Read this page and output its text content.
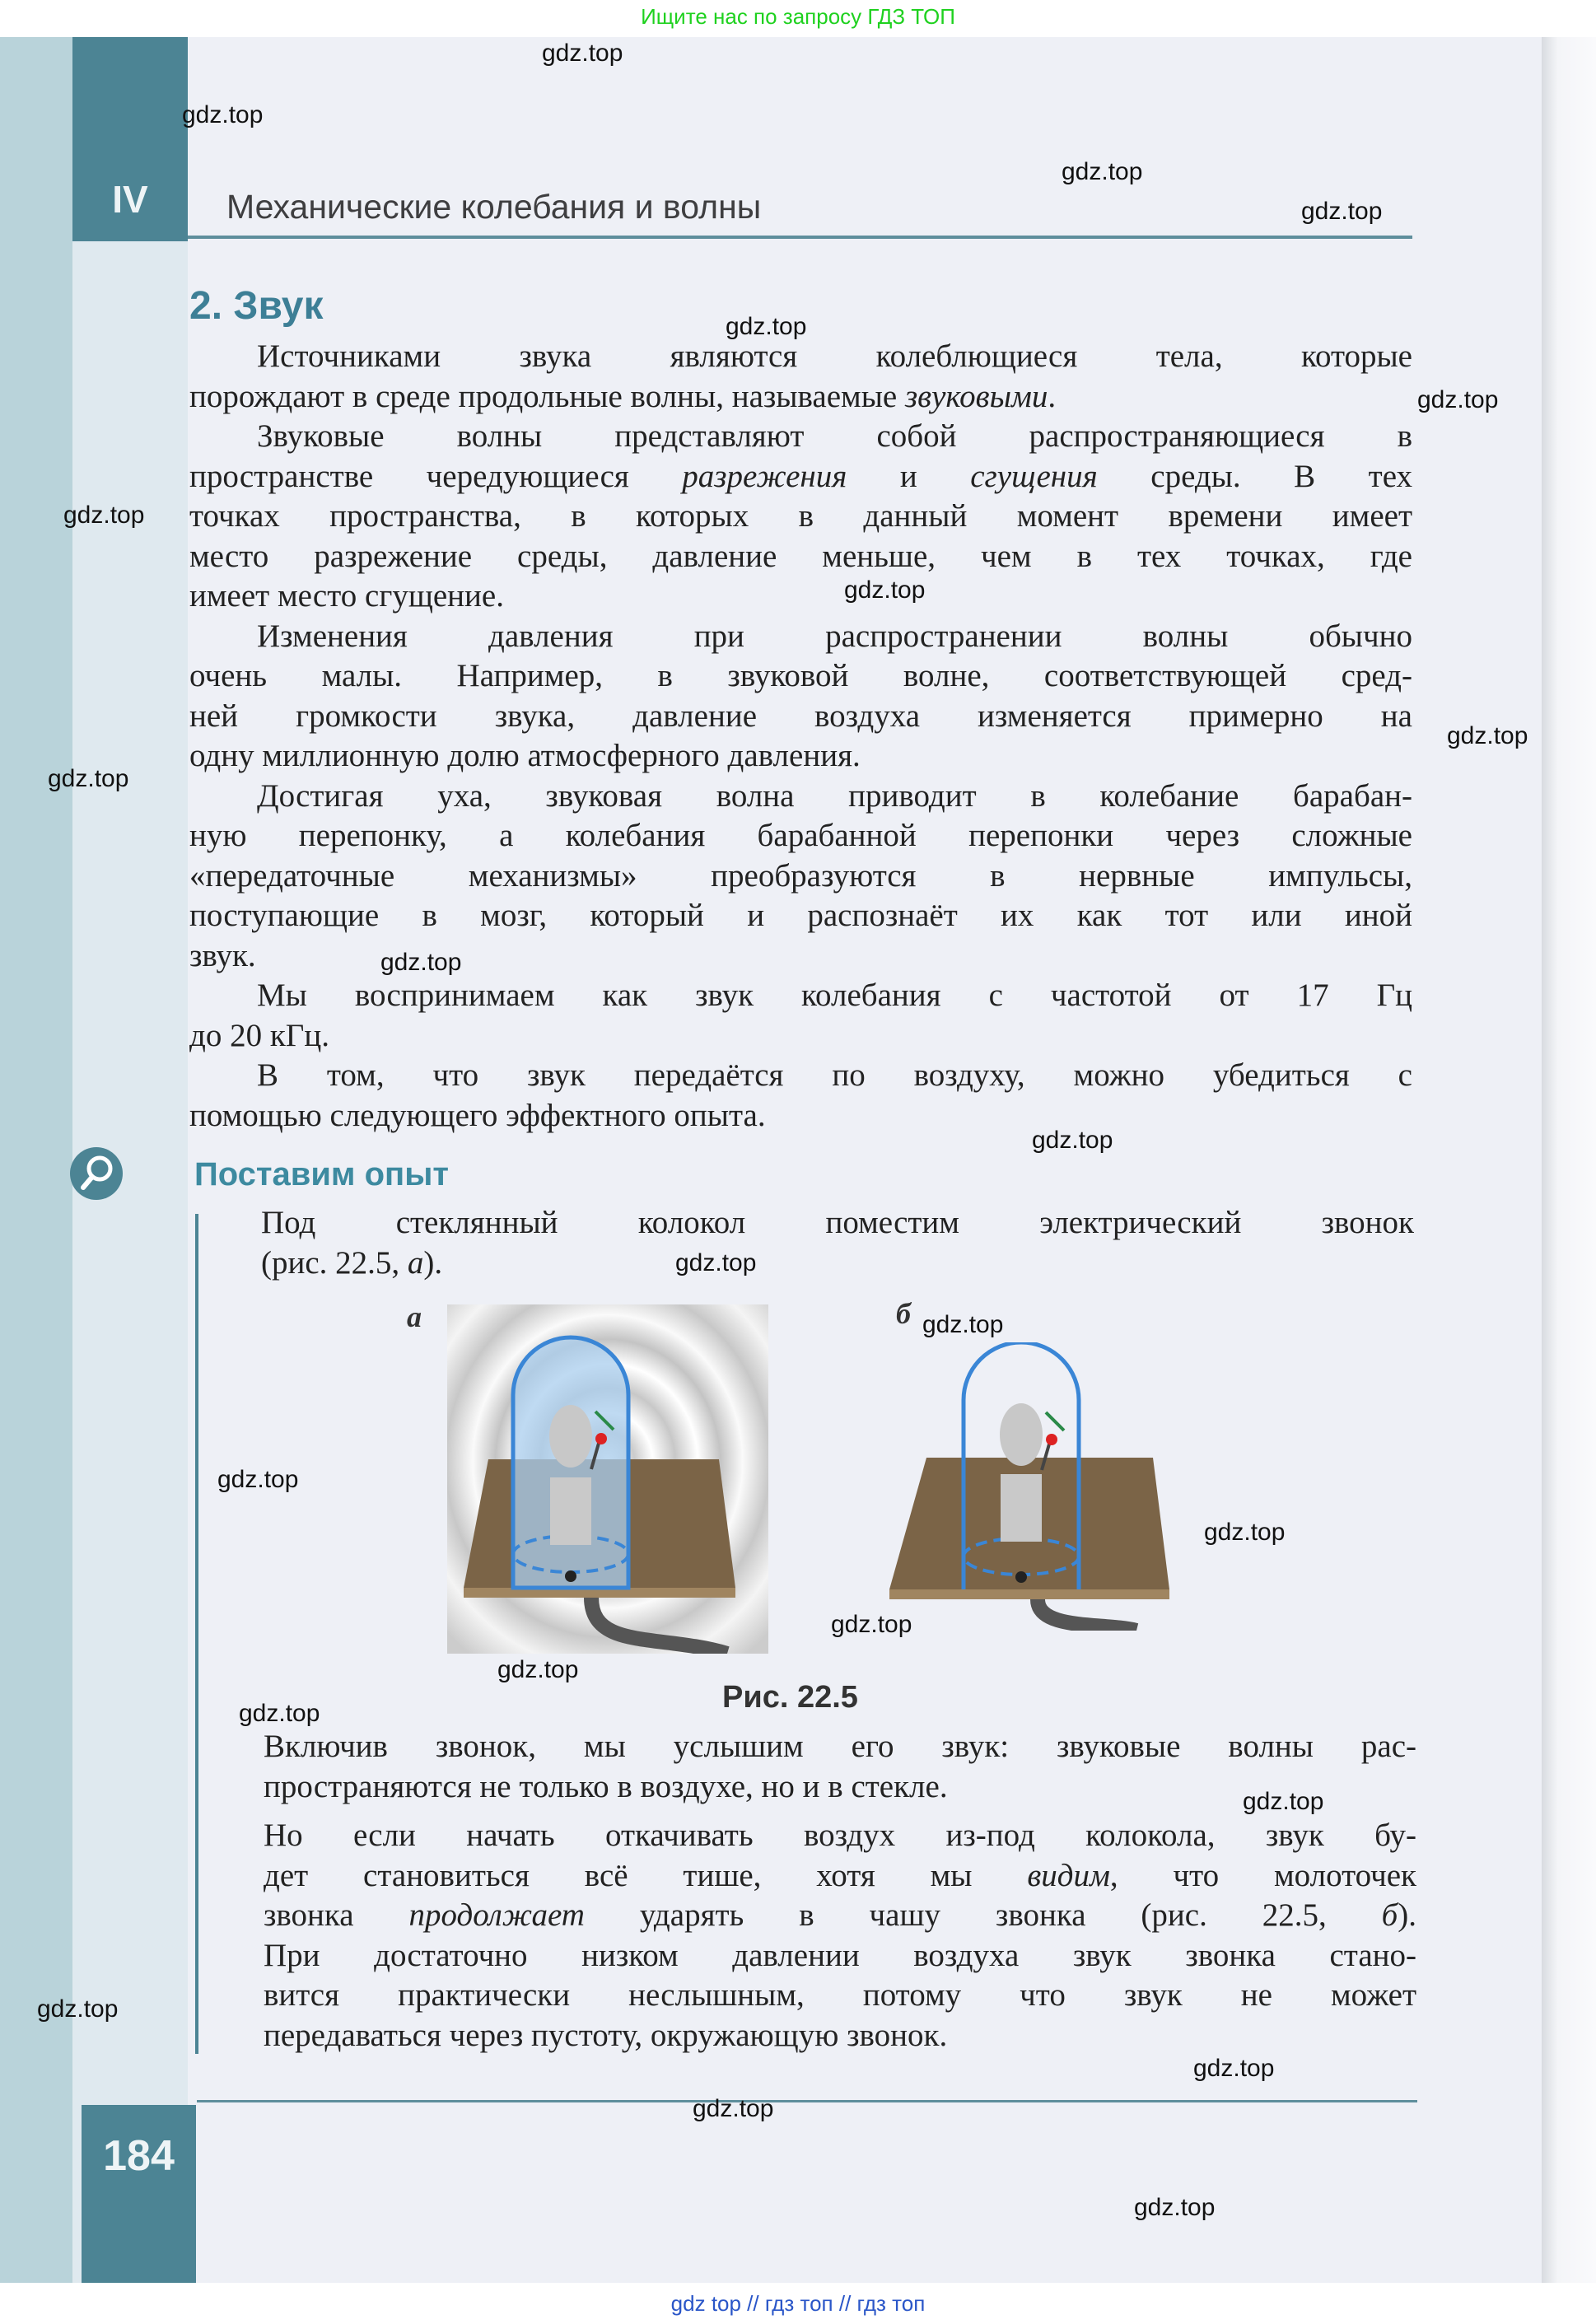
Ищите нас по запросу ГДЗ ТОП
IV	Механические колебания и волны
2. Звук
Источниками звука являются колеблющиеся тела, которые
порождают в среде продольные волны, называемые звуковыми.
Звуковые волны представляют собой распространяющиеся в
пространстве чередующиеся разрежения и сгущения среды. В тех
точках пространства, в которых в данный момент времени имеет
место разрежение среды, давление меньше, чем в тех точках, где
имеет место сгущение.
Изменения давления при распространении волны обычно
очень малы. Например, в звуковой волне, соответствующей сред-
ней громкости звука, давление воздуха изменяется примерно на
одну миллионную долю атмосферного давления.
Достигая уха, звуковая волна приводит в колебание барабан-
ную перепонку, а колебания барабанной перепонки через сложные
«передаточные механизмы» преобразуются в нервные импульсы,
поступающие в мозг, который и распознаёт их как тот или иной
звук.
Мы воспринимаем как звук колебания с частотой от 17 Гц
до 20 кГц.
В том, что звук передаётся по воздуху, можно убедиться с
помощью следующего эффектного опыта.
Под стеклянный колокол поместим электрический звонок
(рис. 22.5, а).
Включив звонок, мы услышим его звук: звуковые волны рас-
пространяются не только в воздухе, но и в стекле.
Но если начать откачивать воздух из-под колокола, звук бу-
дет становиться всё тише, хотя мы видим, что молоточек
звонка продолжает ударять в чашу звонка (рис. 22.5, б).
При достаточно низком давлении воздуха звук звонка стано-
вится практически неслышным, потому что звук не может
передаваться через пустоту, окружающую звонок.
Поставим опыт
а	б
Рис. 22.5
184
gdz top // гдз топ // гдз топ
gdz.top
gdz.top
gdz.top
gdz.top
gdz.top
gdz.top
gdz.top
gdz.top
gdz.top
gdz.top
gdz.top
gdz.top
gdz.top
gdz.top
gdz.top
gdz.top
gdz.top
gdz.top
gdz.top
gdz.top
gdz.top
gdz.top
gdz.top
gdz.top
